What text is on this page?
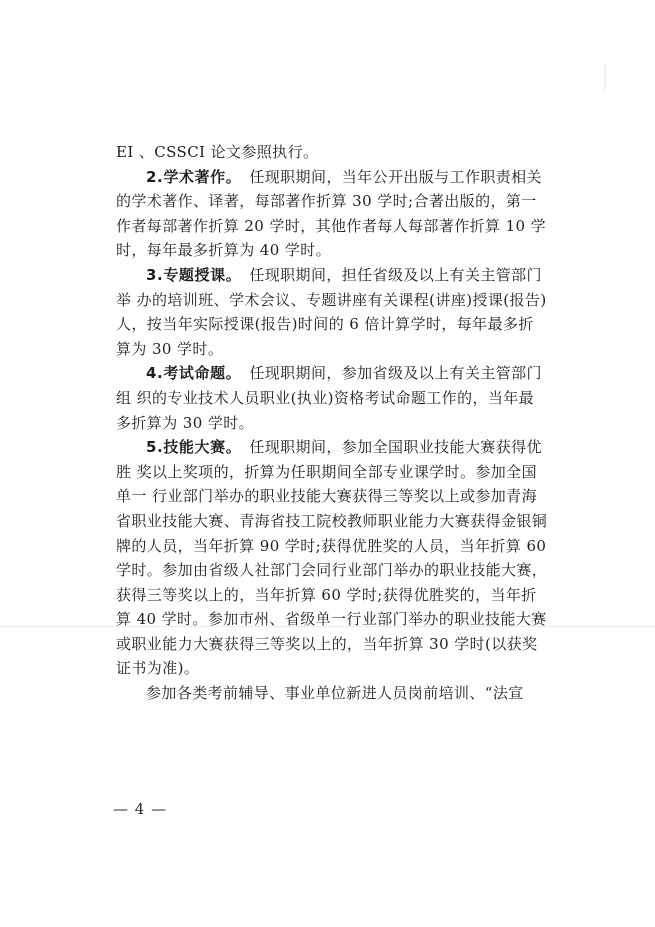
EI 、CSSCI 论文参照执行。

2.学术著作。 任现职期间，当年公开出版与工作职责相关的学术著作、译著，每部著作折算 30 学时;合著出版的，第一作者每部著作折算 20 学时，其他作者每人每部著作折算 10 学时，每年最多折算为 40 学时。

3.专题授课。 任现职期间，担任省级及以上有关主管部门举 办的培训班、学术会议、专题讲座有关课程(讲座)授课(报告)人，按当年实际授课(报告)时间的 6 倍计算学时，每年最多折算为 30 学时。

4.考试命题。 任现职期间，参加省级及以上有关主管部门组 织的专业技术人员职业(执业)资格考试命题工作的，当年最多折算为 30 学时。

5.技能大赛。 任现职期间，参加全国职业技能大赛获得优胜 奖以上奖项的，折算为任职期间全部专业课学时。参加全国单一 行业部门举办的职业技能大赛获得三等奖以上或参加青海省职业技能大赛、青海省技工院校教师职业能力大赛获得金银铜牌的人员，当年折算 90 学时;获得优胜奖的人员，当年折算 60 学时。参加由省级人社部门会同行业部门举办的职业技能大赛，获得三等奖以上的，当年折算 60 学时;获得优胜奖的，当年折算 40 学时。参加市州、省级单一行业部门举办的职业技能大赛或职业能力大赛获得三等奖以上的，当年折算 30 学时(以获奖证书为准)。

参加各类考前辅导、事业单位新进人员岗前培训、“法宣

— 4 —
